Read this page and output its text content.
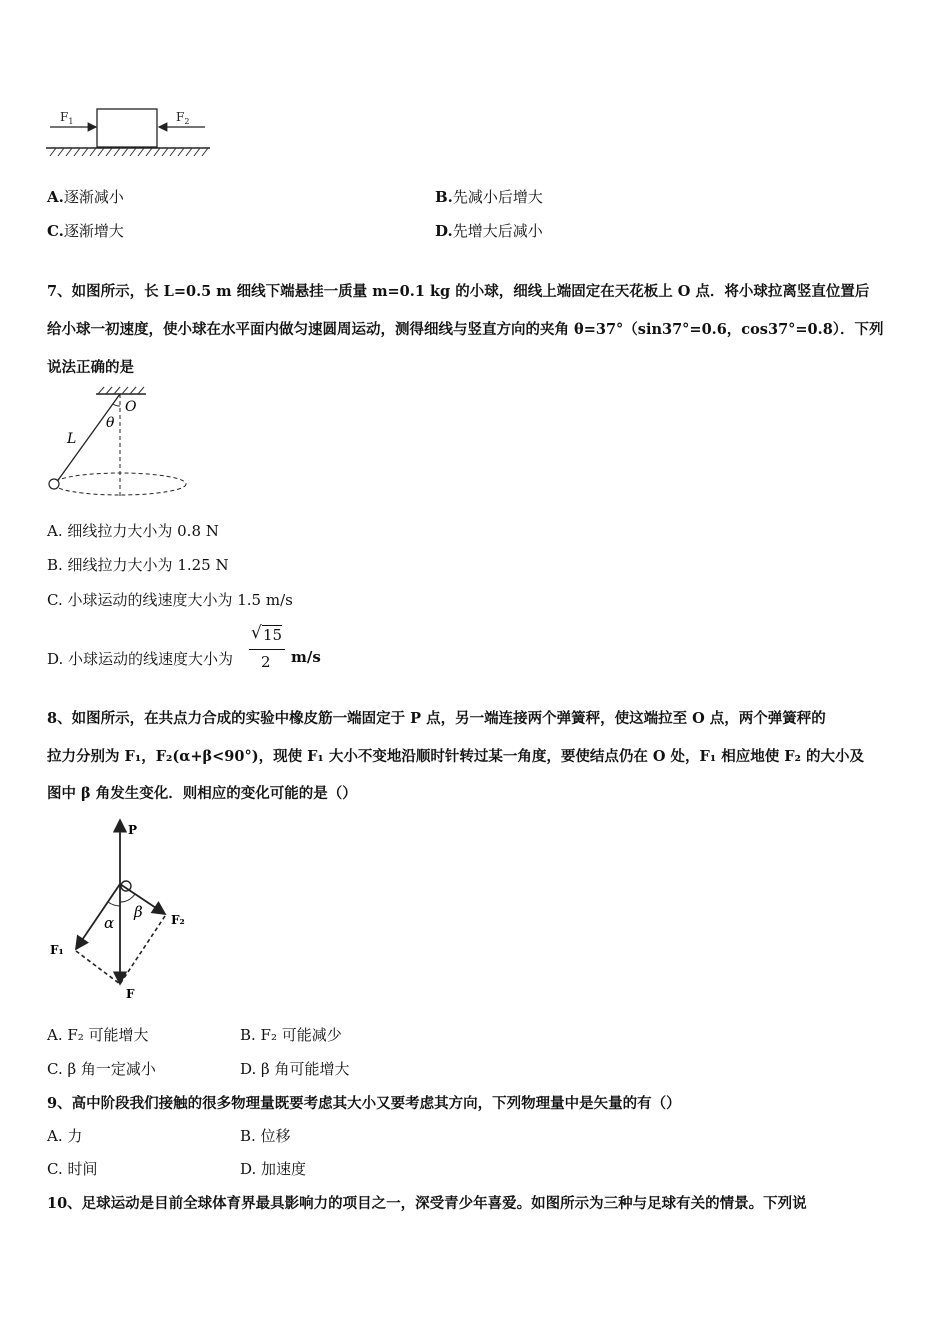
$F_1$	$F_2$
A.逐渐减小	B.先减小后增大
C.逐渐增大	D.先增大后减小
7、如图所示，长 L=0.5 m 细线下端悬挂一质量 m=0.1 kg 的小球，细线上端固定在天花板上 O 点．将小球拉离竖直位置后
给小球一初速度，使小球在水平面内做匀速圆周运动，测得细线与竖直方向的夹角 θ=37°（sin37°=0.6，cos37°=0.8）．下列
说法正确的是
O
θ
L
A. 细线拉力大小为 0.8 N
B. 细线拉力大小为 1.25 N
C. 小球运动的线速度大小为 1.5 m/s
D. 小球运动的线速度大小为
√ 15
2 m/s
8、如图所示，在共点力合成的实验中橡皮筋一端固定于 P 点，另一端连接两个弹簧秤，使这端拉至 O 点，两个弹簧秤的
拉力分别为 F₁，F₂(α+β<90°)，现使 F₁ 大小不变地沿顺时针转过某一角度，要使结点仍在 O 处，F₁ 相应地使 F₂ 的大小及
图中 β 角发生变化．则相应的变化可能的是（）
P
α
β F₂
F₁
F
A. F₂ 可能增大	B. F₂ 可能减少
C. β 角一定减小	D. β 角可能增大
9、高中阶段我们接触的很多物理量既要考虑其大小又要考虑其方向，下列物理量中是矢量的有（）
A. 力	B. 位移
C. 时间	D. 加速度
10、足球运动是目前全球体育界最具影响力的项目之一，深受青少年喜爱。如图所示为三种与足球有关的情景。下列说
